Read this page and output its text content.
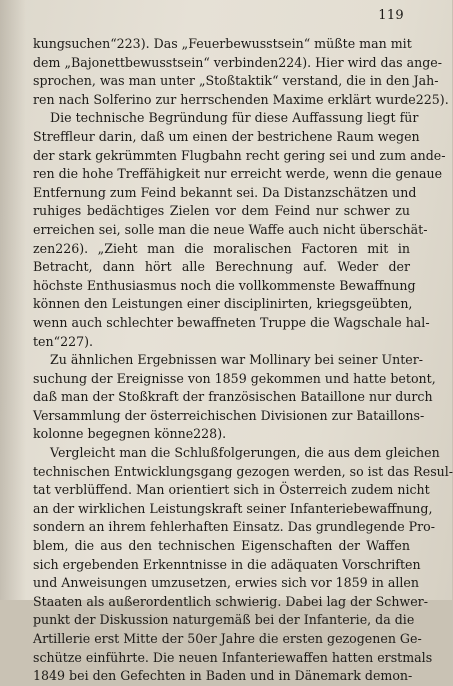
119
kungsuchen“223). Das „Feuerbewusstsein“ müßte man mit
dem „Bajonettbewusstsein“ verbinden224). Hier wird das ange-
sprochen, was man unter „Stoßtaktik“ verstand, die in den Jah-
ren nach Solferino zur herrschenden Maxime erklärt wurde225).
Die technische Begründung für diese Auffassung liegt für
Streffleur darin, daß um einen der bestrichene Raum wegen
der stark gekrümmten Flugbahn recht gering sei und zum ande-
ren die hohe Treffähigkeit nur erreicht werde, wenn die genaue
Entfernung zum Feind bekannt sei. Da Distanzschätzen und
ruhiges bedächtiges Zielen vor dem Feind nur schwer zu
erreichen sei, solle man die neue Waffe auch nicht überschät-
zen226). „Zieht man die moralischen Factoren mit in
Betracht, dann hört alle Berechnung auf. Weder der
höchste Enthusiasmus noch die vollkommenste Bewaffnung
können den Leistungen einer disciplinirten, kriegsgeübten,
wenn auch schlechter bewaffneten Truppe die Wagschale hal-
ten“227).
Zu ähnlichen Ergebnissen war Mollinary bei seiner Unter-
suchung der Ereignisse von 1859 gekommen und hatte betont,
daß man der Stoßkraft der französischen Bataillone nur durch
Versammlung der österreichischen Divisionen zur Bataillons-
kolonne begegnen könne228).
Vergleicht man die Schlußfolgerungen, die aus dem gleichen
technischen Entwicklungsgang gezogen werden, so ist das Resul-
tat verblüffend. Man orientiert sich in Österreich zudem nicht
an der wirklichen Leistungskraft seiner Infanteriebewaffnung,
sondern an ihrem fehlerhaften Einsatz. Das grundlegende Pro-
blem, die aus den technischen Eigenschaften der Waffen
sich ergebenden Erkenntnisse in die adäquaten Vorschriften
und Anweisungen umzusetzen, erwies sich vor 1859 in allen
Staaten als außerordentlich schwierig. Dabei lag der Schwer-
punkt der Diskussion naturgemäß bei der Infanterie, da die
Artillerie erst Mitte der 50er Jahre die ersten gezogenen Ge-
schütze einführte. Die neuen Infanteriewaffen hatten erstmals
1849 bei den Gefechten in Baden und in Dänemark demon-
